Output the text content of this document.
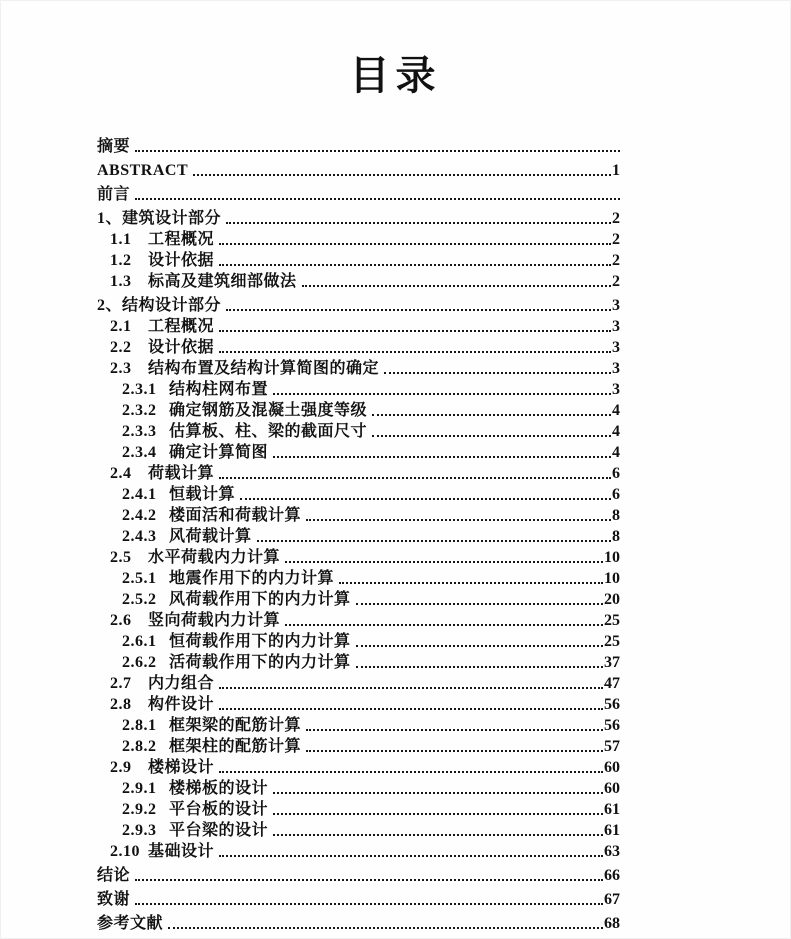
目录
摘要
ABSTRACT	1
前言
1、建筑设计部分	2
1.1	工程概况	2
1.2	设计依据	2
1.3	标高及建筑细部做法	2
2、结构设计部分	3
2.1	工程概况	3
2.2	设计依据	3
2.3	结构布置及结构计算简图的确定	3
2.3.1 结构柱网布置	3
2.3.2 确定钢筋及混凝土强度等级	4
2.3.3 估算板、柱、梁的截面尺寸	4
2.3.4 确定计算简图	4
2.4	荷载计算	6
2.4.1 恒载计算	6
2.4.2 楼面活和荷载计算	8
2.4.3 风荷载计算	8
2.5	水平荷载内力计算	10
2.5.1 地震作用下的内力计算	10
2.5.2 风荷载作用下的内力计算	20
2.6	竖向荷载内力计算	25
2.6.1 恒荷载作用下的内力计算	25
2.6.2 活荷载作用下的内力计算	37
2.7	内力组合	47
2.8	构件设计	56
2.8.1 框架梁的配筋计算	56
2.8.2 框架柱的配筋计算	57
2.9	楼梯设计	60
2.9.1 楼梯板的设计	60
2.9.2 平台板的设计	61
2.9.3 平台梁的设计	61
2.10 基础设计	63
结论	66
致谢	67
参考文献	68
